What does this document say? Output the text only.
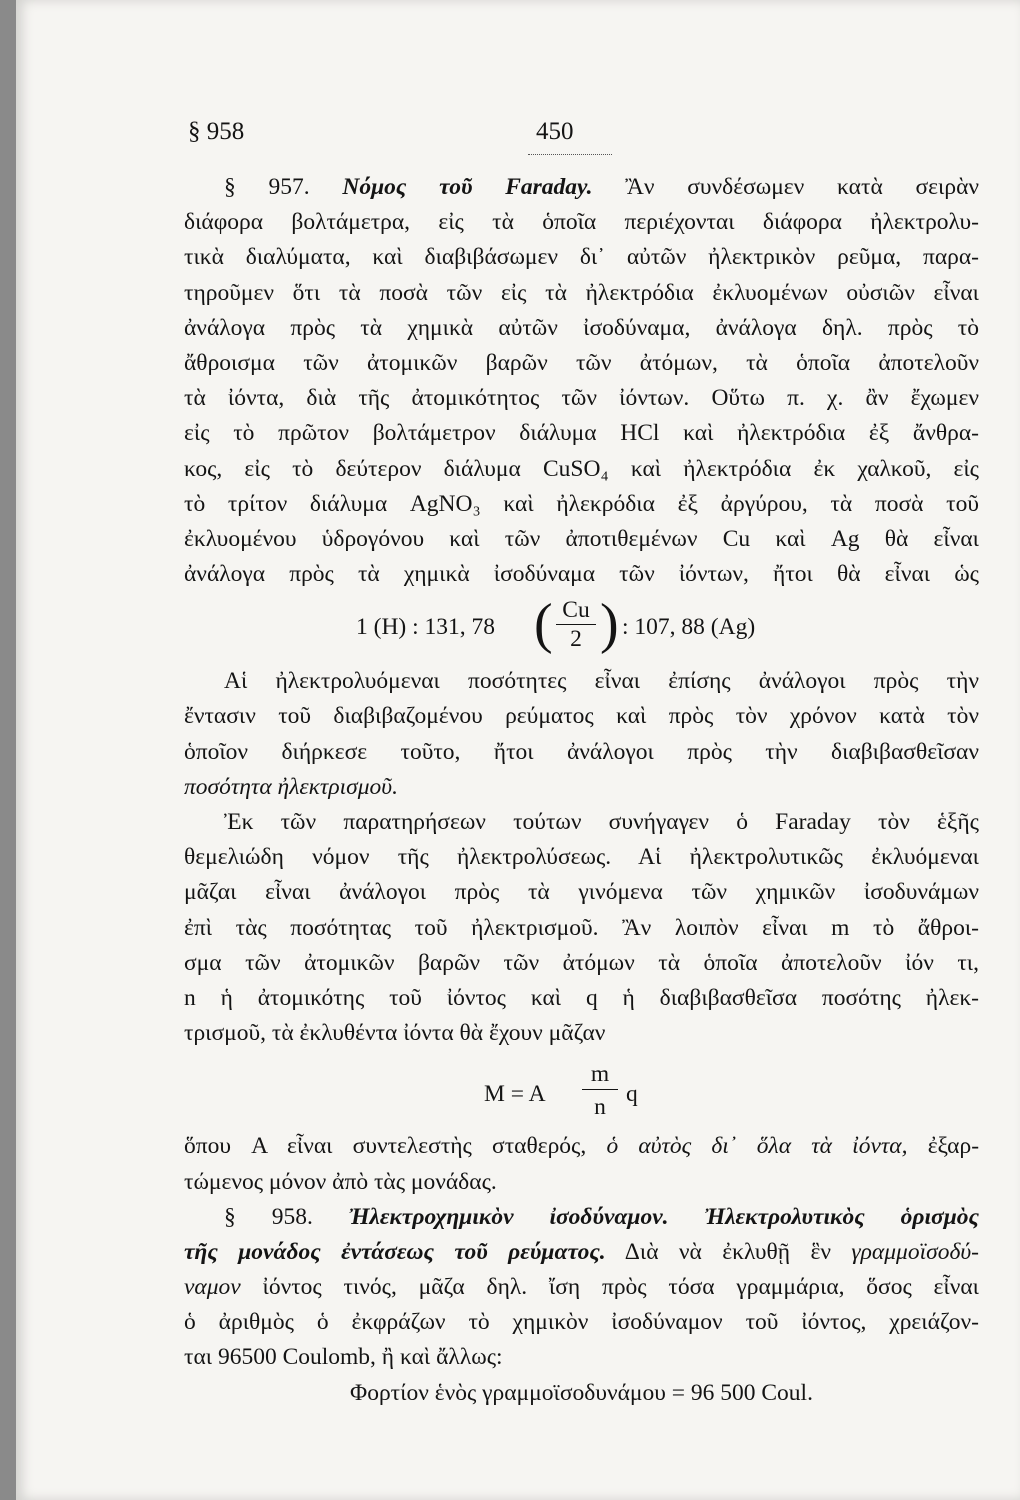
§ 958	450
§ 957. Νόμος τοῦ Faraday. Ἂν συνδέσωμεν κατὰ σειρὰν
διάφορα βολτάμετρα, εἰς τὰ ὁποῖα περιέχονται διάφορα ἠλεκτρολυ-
τικὰ διαλύματα, καὶ διαβιβάσωμεν δι᾿ αὐτῶν ἠλεκτρικὸν ρεῦμα, παρα-
τηροῦμεν ὅτι τὰ ποσὰ τῶν εἰς τὰ ἠλεκτρόδια ἐκλυομένων οὐσιῶν εἶναι
ἀνάλογα πρὸς τὰ χημικὰ αὐτῶν ἰσοδύναμα, ἀνάλογα δηλ. πρὸς τὸ
ἄθροισμα τῶν ἀτομικῶν βαρῶν τῶν ἀτόμων, τὰ ὁποῖα ἀποτελοῦν
τὰ ἰόντα, διὰ τῆς ἀτομικότητος τῶν ἰόντων. Οὕτω π. χ. ἂν ἔχωμεν
εἰς τὸ πρῶτον βολτάμετρον διάλυμα HCl καὶ ἠλεκτρόδια ἐξ ἄνθρα-
κος, εἰς τὸ δεύτερον διάλυμα CuSO₄ καὶ ἠλεκτρόδια ἐκ χαλκοῦ, εἰς
τὸ τρίτον διάλυμα AgNO₃ καὶ ἠλεκρόδια ἐξ ἀργύρου, τὰ ποσὰ τοῦ
ἐκλυομένου ὑδρογόνου καὶ τῶν ἀποτιθεμένων Cu καὶ Ag θὰ εἶναι
ἀνάλογα πρὸς τὰ χημικὰ ἰσοδύναμα τῶν ἰόντων, ἤτοι θὰ εἶναι ὡς
1 (H) : 131, 78 ( $\frac{Cu}{2}$ ) : 107, 88 (Ag)
Αἱ ἠλεκτρολυόμεναι ποσότητες εἶναι ἐπίσης ἀνάλογοι πρὸς τὴν
ἔντασιν τοῦ διαβιβαζομένου ρεύματος καὶ πρὸς τὸν χρόνον κατὰ τὸν
ὁποῖον διήρκεσε τοῦτο, ἤτοι ἀνάλογοι πρὸς τὴν διαβιβασθεῖσαν
ποσότητα ἠλεκτρισμοῦ.
Ἐκ τῶν παρατηρήσεων τούτων συνήγαγεν ὁ Faraday τὸν ἑξῆς
θεμελιώδη νόμον τῆς ἠλεκτρολύσεως. Αἱ ἠλεκτρολυτικῶς ἐκλυόμεναι
μᾶζαι εἶναι ἀνάλογοι πρὸς τὰ γινόμενα τῶν χημικῶν ἰσοδυνάμων
ἐπὶ τὰς ποσότητας τοῦ ἠλεκτρισμοῦ. Ἂν λοιπὸν εἶναι m τὸ ἄθροι-
σμα τῶν ἀτομικῶν βαρῶν τῶν ἀτόμων τὰ ὁποῖα ἀποτελοῦν ἰόν τι,
n ἡ ἀτομικότης τοῦ ἰόντος καὶ q ἡ διαβιβασθεῖσα ποσότης ἠλεκ-
τρισμοῦ, τὰ ἐκλυθέντα ἰόντα θὰ ἔχουν μᾶζαν
M = A $\frac{m}{n}$ q
ὅπου A εἶναι συντελεστὴς σταθερός, ὁ αὐτὸς δι᾿ ὅλα τὰ ἰόντα, ἐξαρ-
τώμενος μόνον ἀπὸ τὰς μονάδας.
§ 958. Ἠλεκτροχημικὸν ἰσοδύναμον. Ἠλεκτρολυτικὸς ὁρισμὸς
τῆς μονάδος ἐντάσεως τοῦ ρεύματος. Διὰ νὰ ἐκλυθῇ ἓν γραμμοϊσοδύ-
ναμον ἰόντος τινός, μᾶζα δηλ. ἴση πρὸς τόσα γραμμάρια, ὅσος εἶναι
ὁ ἀριθμὸς ὁ ἐκφράζων τὸ χημικὸν ἰσοδύναμον τοῦ ἰόντος, χρειάζον-
ται 96500 Coulomb, ἢ καὶ ἄλλως:
Φορτίον ἑνὸς γραμμοϊσοδυνάμου = 96 500 Coul.
